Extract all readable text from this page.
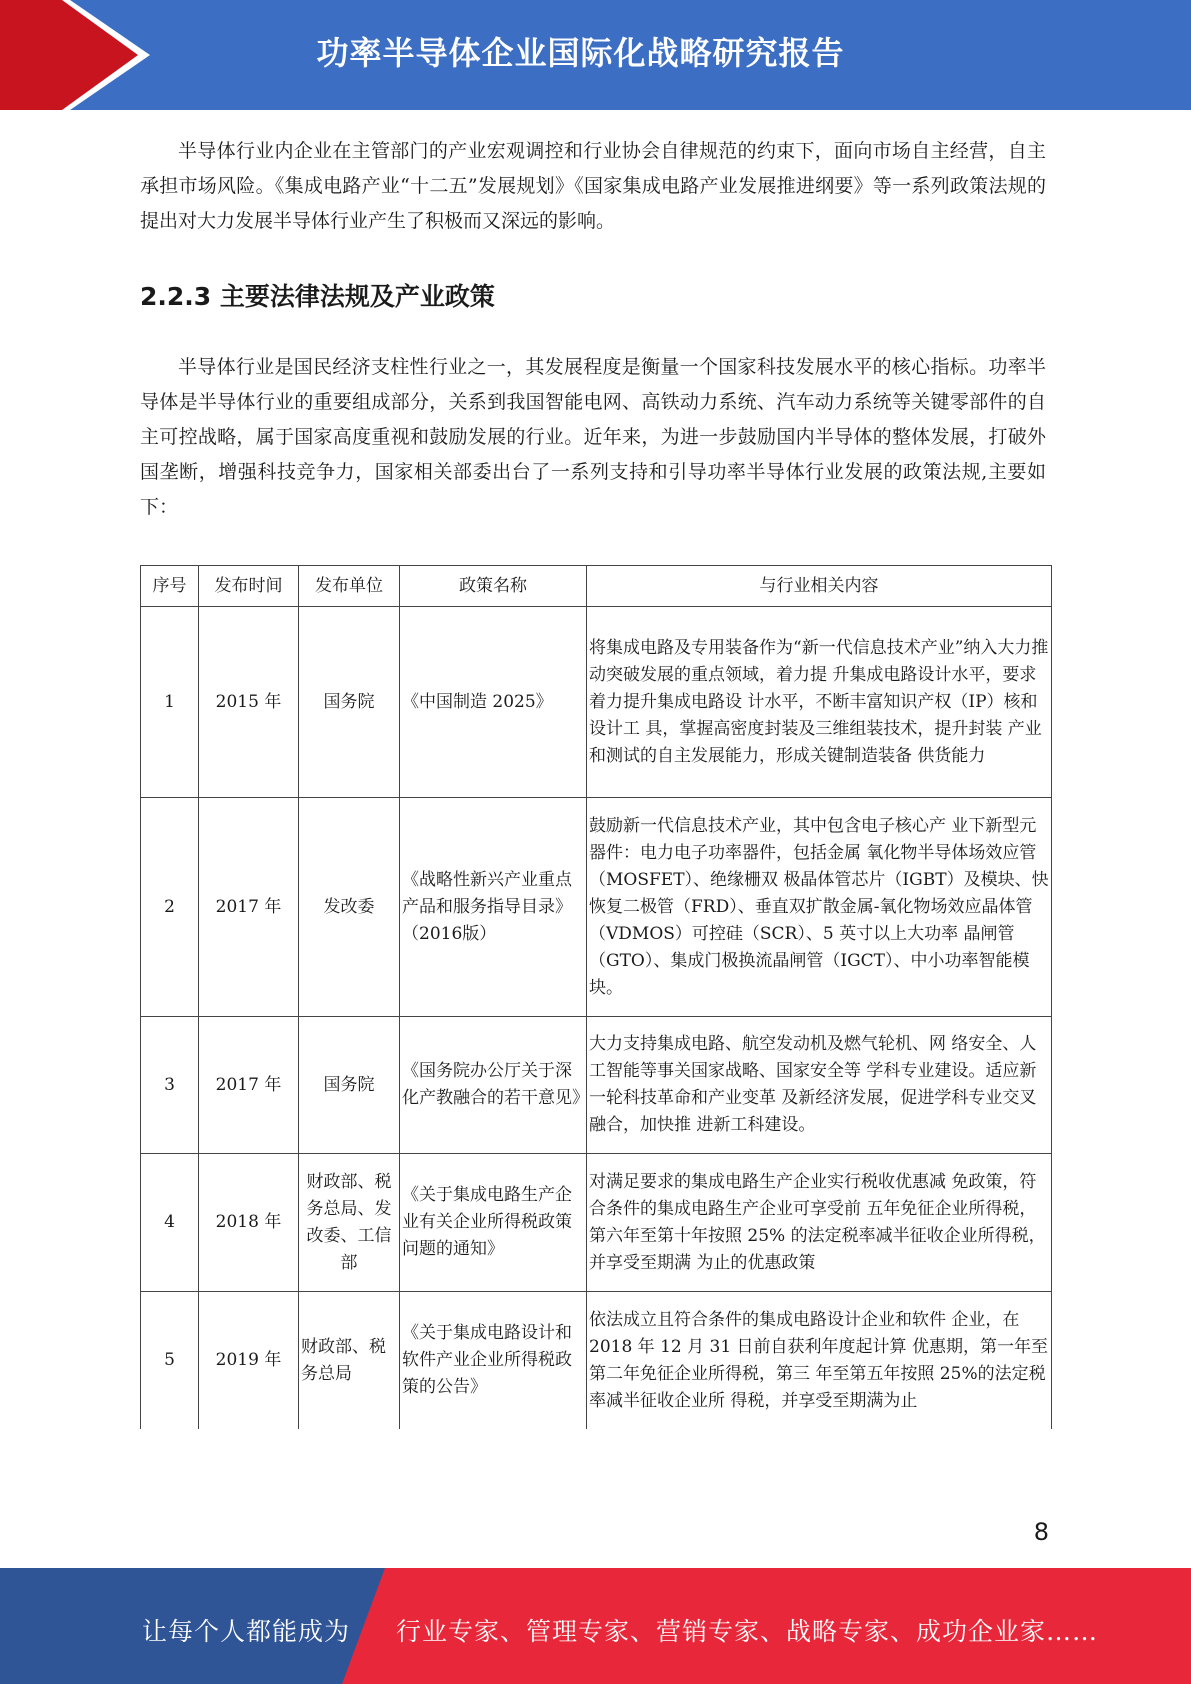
功率半导体企业国际化战略研究报告

半导体行业内企业在主管部门的产业宏观调控和行业协会自律规范的约束下，面向市场自主经营，自主承担市场风险。《集成电路产业“十二五”发展规划》《国家集成电路产业发展推进纲要》等一系列政策法规的提出对大力发展半导体行业产生了积极而又深远的影响。

2.2.3 主要法律法规及产业政策

半导体行业是国民经济支柱性行业之一，其发展程度是衡量一个国家科技发展水平的核心指标。功率半导体是半导体行业的重要组成部分，关系到我国智能电网、高铁动力系统、汽车动力系统等关键零部件的自主可控战略，属于国家高度重视和鼓励发展的行业。近年来，为进一步鼓励国内半导体的整体发展，打破外国垄断，增强科技竞争力，国家相关部委出台了一系列支持和引导功率半导体行业发展的政策法规,主要如下：

序号	发布时间	发布单位	政策名称	与行业相关内容
1	2015 年	国务院	《中国制造 2025》	将集成电路及专用装备作为“新一代信息技术产业”纳入大力推动突破发展的重点领域，着力提 升集成电路设计水平，要求着力提升集成电路设 计水平，不断丰富知识产权（IP）核和设计工 具，掌握高密度封装及三维组装技术，提升封装 产业和测试的自主发展能力，形成关键制造装备 供货能力
2	2017 年	发改委	《战略性新兴产业重点产品和服务指导目录》（2016版）	鼓励新一代信息技术产业，其中包含电子核心产 业下新型元器件：电力电子功率器件，包括金属 氧化物半导体场效应管（MOSFET）、绝缘栅双 极晶体管芯片（IGBT）及模块、快恢复二极管（FRD）、垂直双扩散金属-氧化物场效应晶体管（VDMOS）可控硅（SCR）、5 英寸以上大功率 晶闸管（GTO）、集成门极换流晶闸管（IGCT）、中小功率智能模块。
3	2017 年	国务院	《国务院办公厅关于深化产教融合的若干意见》	大力支持集成电路、航空发动机及燃气轮机、网 络安全、人工智能等事关国家战略、国家安全等 学科专业建设。适应新一轮科技革命和产业变革 及新经济发展，促进学科专业交叉融合，加快推 进新工科建设。
4	2018 年	财政部、税务总局、发改委、工信部	《关于集成电路生产企业有关企业所得税政策问题的通知》	对满足要求的集成电路生产企业实行税收优惠减 免政策，符合条件的集成电路生产企业可享受前 五年免征企业所得税，第六年至第十年按照 25% 的法定税率减半征收企业所得税，并享受至期满 为止的优惠政策
5	2019 年	财政部、税务总局	《关于集成电路设计和软件产业企业所得税政策的公告》	依法成立且符合条件的集成电路设计企业和软件 企业，在 2018 年 12 月 31 日前自获利年度起计算 优惠期，第一年至第二年免征企业所得税，第三 年至第五年按照 25%的法定税率减半征收企业所 得税，并享受至期满为止
8
让每个人都能成为 行业专家、管理专家、营销专家、战略专家、成功企业家……
